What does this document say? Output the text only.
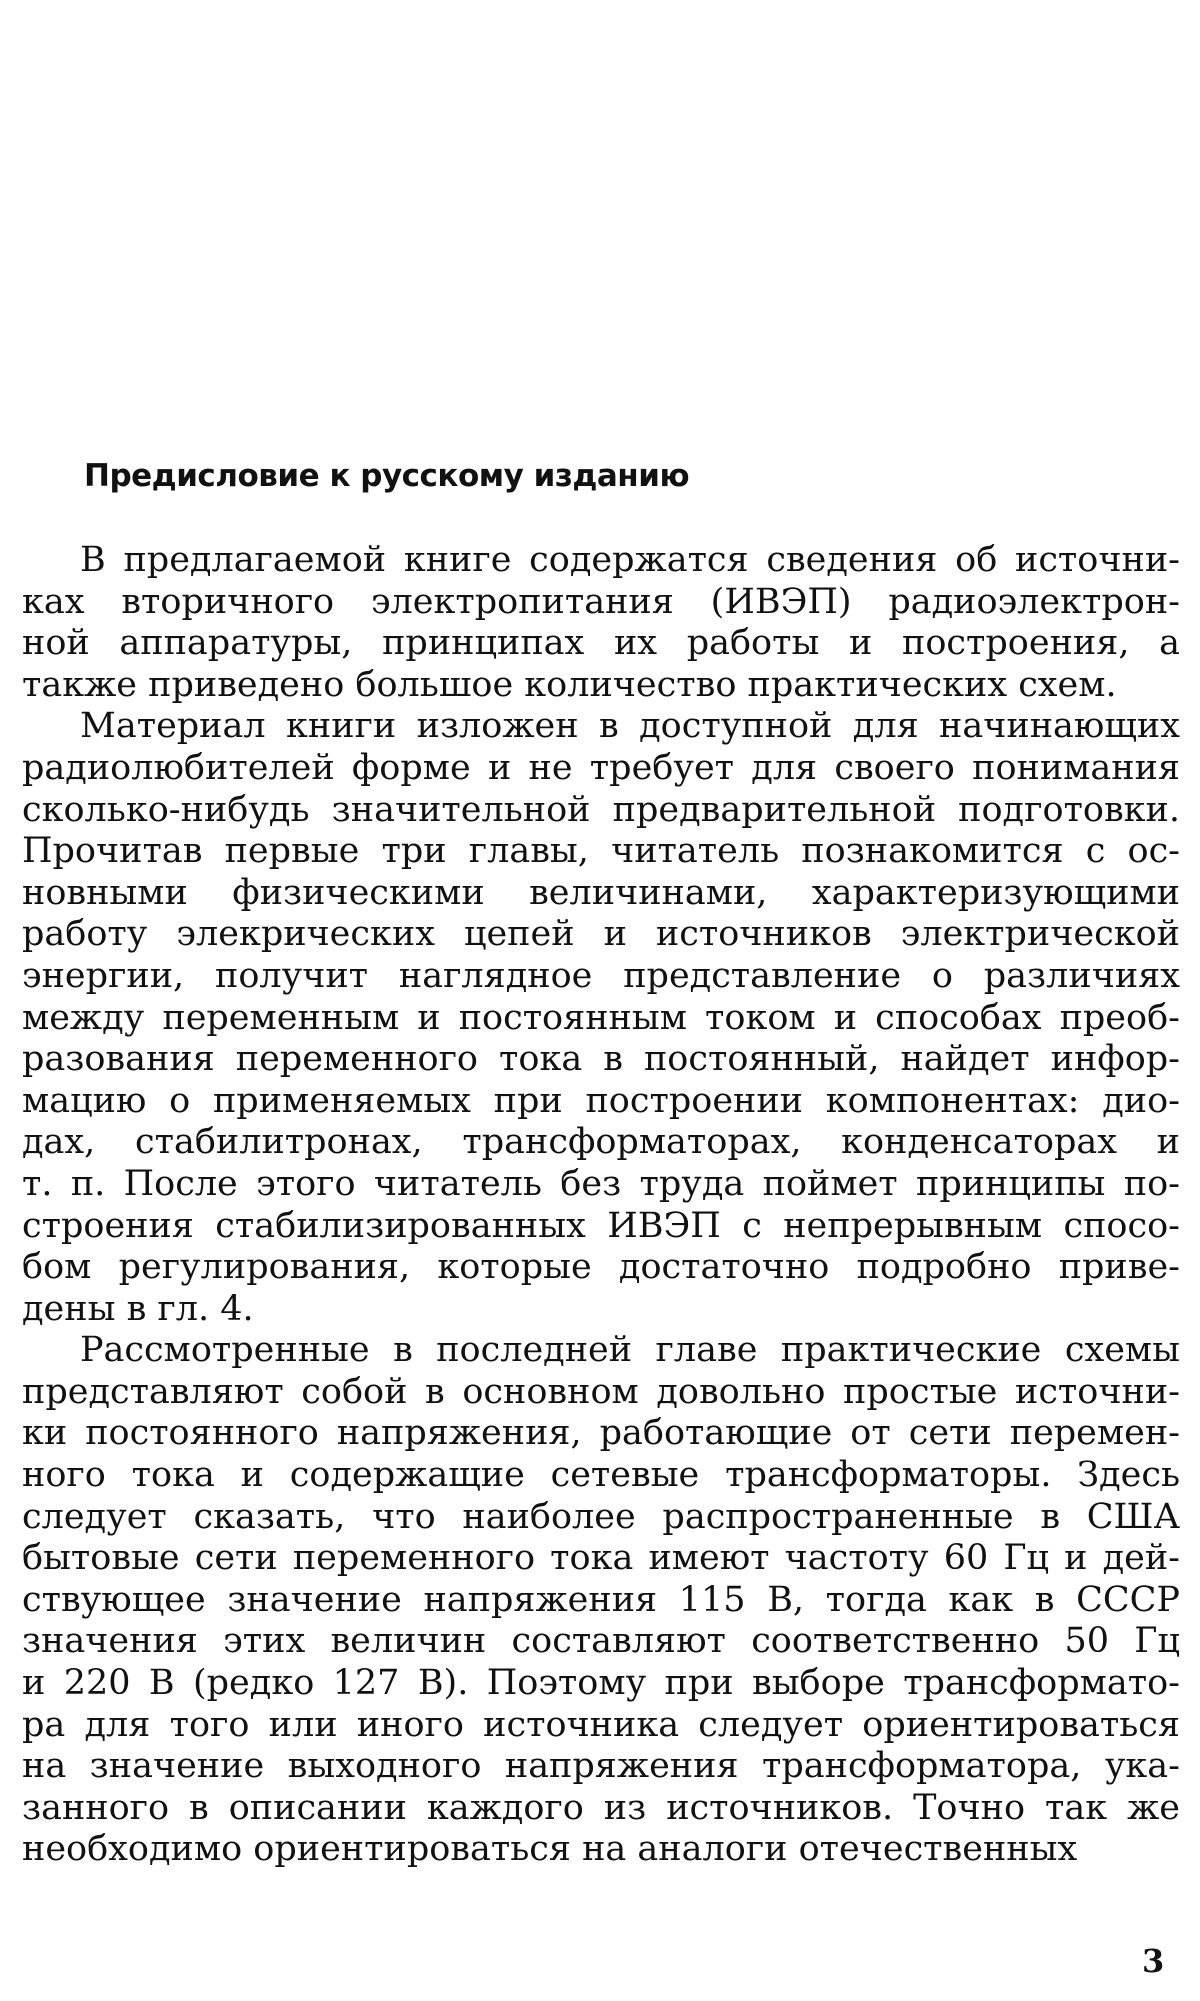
Предисловие к русскому изданию
В предлагаемой книге содержатся сведения об источни-
ках вторичного электропитания (ИВЭП) радиоэлектрон-
ной аппаратуры, принципах их работы и построения, а
также приведено большое количество практических схем.
Материал книги изложен в доступной для начинающих
радиолюбителей форме и не требует для своего понимания
сколько-нибудь значительной предварительной подготовки.
Прочитав первые три главы, читатель познакомится с ос-
новными физическими величинами, характеризующими
работу элекрических цепей и источников электрической
энергии, получит наглядное представление о различиях
между переменным и постоянным током и способах преоб-
разования переменного тока в постоянный, найдет инфор-
мацию о применяемых при построении компонентах: дио-
дах, стабилитронах, трансформаторах, конденсаторах и
т. п. После этого читатель без труда поймет принципы по-
строения стабилизированных ИВЭП с непрерывным спосо-
бом регулирования, которые достаточно подробно приве-
дены в гл. 4.
Рассмотренные в последней главе практические схемы
представляют собой в основном довольно простые источни-
ки постоянного напряжения, работающие от сети перемен-
ного тока и содержащие сетевые трансформаторы. Здесь
следует сказать, что наиболее распространенные в США
бытовые сети переменного тока имеют частоту 60 Гц и дей-
ствующее значение напряжения 115 В, тогда как в СССР
значения этих величин составляют соответственно 50 Гц
и 220 В (редко 127 В). Поэтому при выборе трансформато-
ра для того или иного источника следует ориентироваться
на значение выходного напряжения трансформатора, ука-
занного в описании каждого из источников. Точно так же
необходимо ориентироваться на аналоги отечественных
3
